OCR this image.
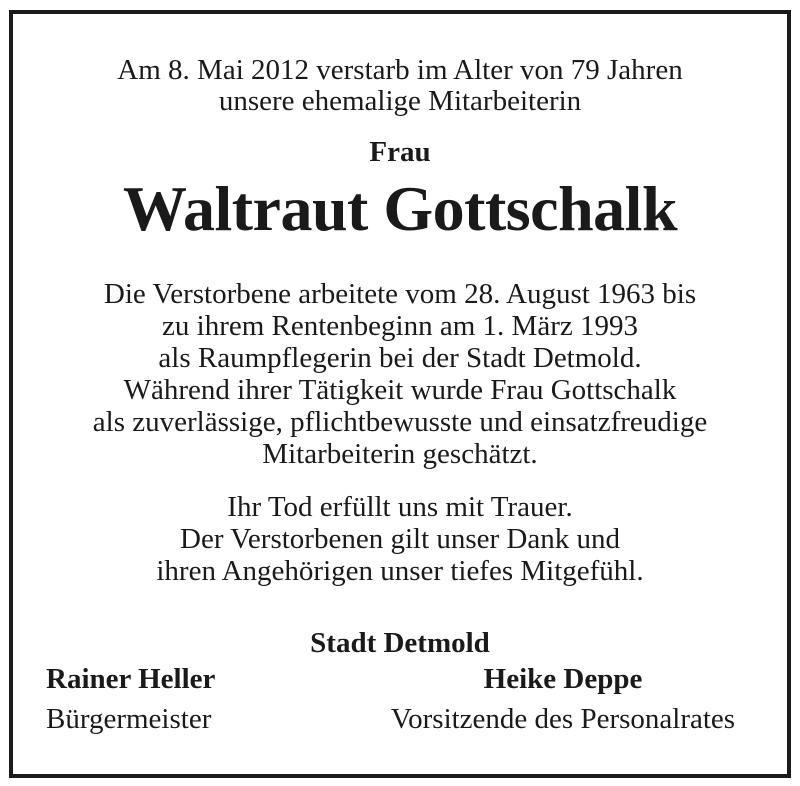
Am 8. Mai 2012 verstarb im Alter von 79 Jahren
unsere ehemalige Mitarbeiterin
Frau
Waltraut Gottschalk
Die Verstorbene arbeitete vom 28. August 1963 bis
zu ihrem Rentenbeginn am 1. März 1993
als Raumpflegerin bei der Stadt Detmold.
Während ihrer Tätigkeit wurde Frau Gottschalk
als zuverlässige, pflichtbewusste und einsatzfreudige
Mitarbeiterin geschätzt.
Ihr Tod erfüllt uns mit Trauer.
Der Verstorbenen gilt unser Dank und
ihren Angehörigen unser tiefes Mitgefühl.
Stadt Detmold
Rainer Heller
Bürgermeister
Heike Deppe
Vorsitzende des Personalrates
